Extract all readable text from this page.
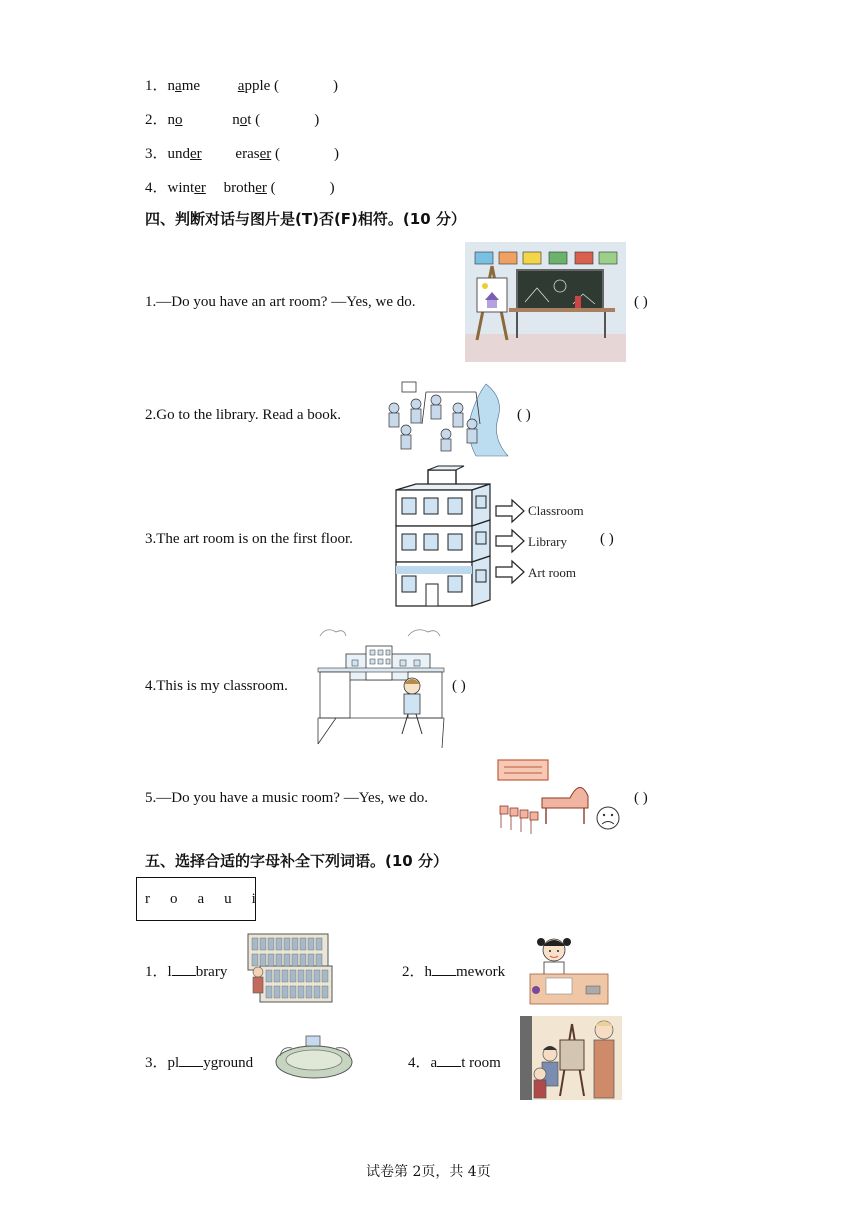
1．name	apple (	)
2．no	not (	)
3．under eraser (	)
4．winter brother (	)
四、判断对话与图片是(T)否(F)相符。(10 分）
1.—Do you have an art room? —Yes, we do.	( )
2.Go to the library. Read a book.	( )
3.The art room is on the first floor.
Classroom
Library
Art room
( )
4.This is my classroom.	( )
5.—Do you have a music room? —Yes, we do.	( )
五、选择合适的字母补全下列词语。(10 分）
r    o    a    u    i
1．l brary	2．h mework
3．pl yground	4．a t room
试卷第 2页，共 4页
